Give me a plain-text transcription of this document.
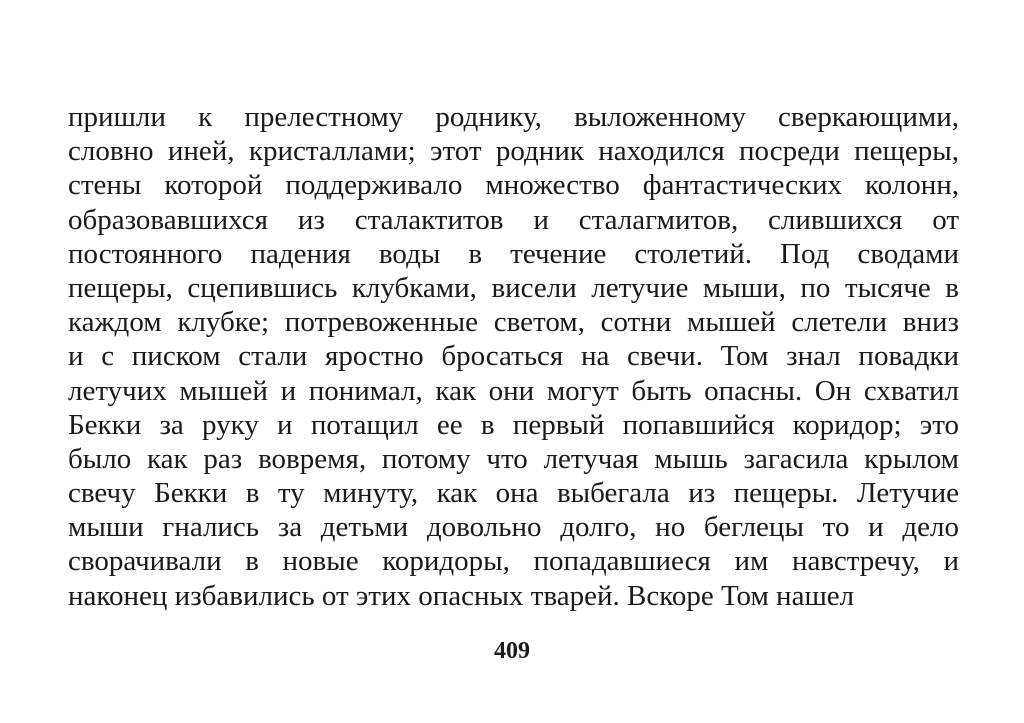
пришли к прелестному роднику, выложенному сверкающими,
словно иней, кристаллами; этот родник находился посреди пещеры,
стены которой поддерживало множество фантастических колонн,
образовавшихся из сталактитов и сталагмитов, слившихся от
постоянного падения воды в течение столетий. Под сводами
пещеры, сцепившись клубками, висели летучие мыши, по тысяче в
каждом клубке; потревоженные светом, сотни мышей слетели вниз
и с писком стали яростно бросаться на свечи. Том знал повадки
летучих мышей и понимал, как они могут быть опасны. Он схватил
Бекки за руку и потащил ее в первый попавшийся коридор; это
было как раз вовремя, потому что летучая мышь загасила крылом
свечу Бекки в ту минуту, как она выбегала из пещеры. Летучие
мыши гнались за детьми довольно долго, но беглецы то и дело
сворачивали в новые коридоры, попадавшиеся им навстречу, и
наконец избавились от этих опасных тварей. Вскоре Том нашел
409
